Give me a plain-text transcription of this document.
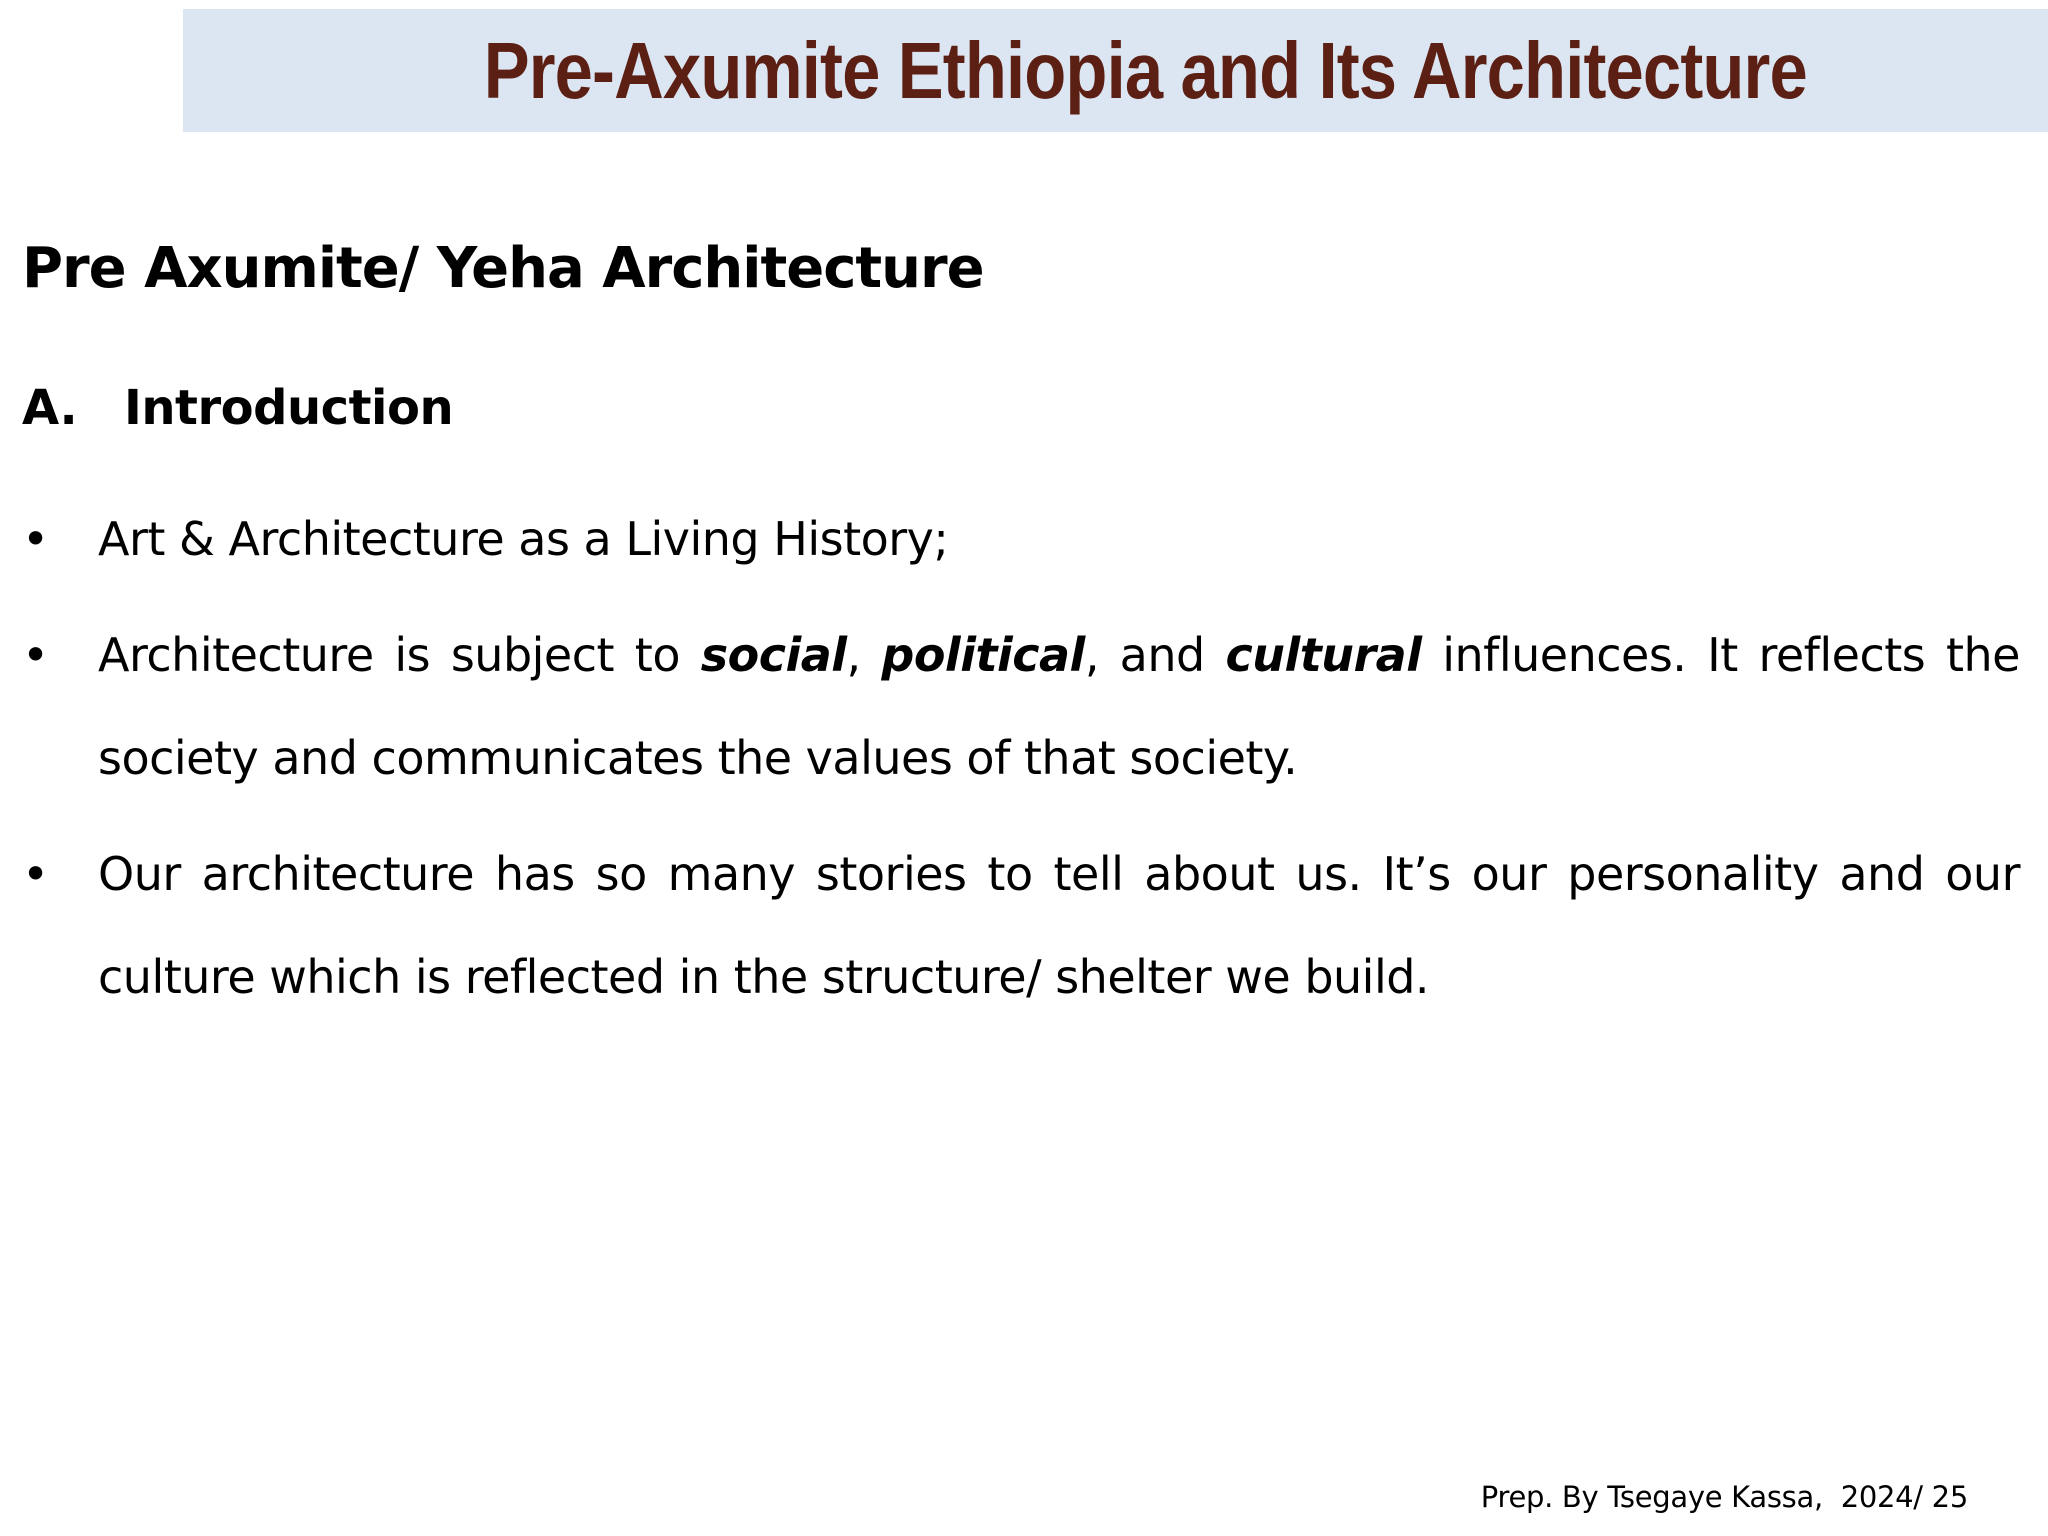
Pre-Axumite Ethiopia and Its Architecture
Pre Axumite/ Yeha Architecture
A. Introduction
• Art & Architecture as a Living History;
• Architecture is subject to social, political, and cultural influences. It reflects the society and communicates the values of that society.
• Our architecture has so many stories to tell about us. It’s our personality and our culture which is reflected in the structure/ shelter we build.
Prep. By Tsegaye Kassa,  2024/ 25
